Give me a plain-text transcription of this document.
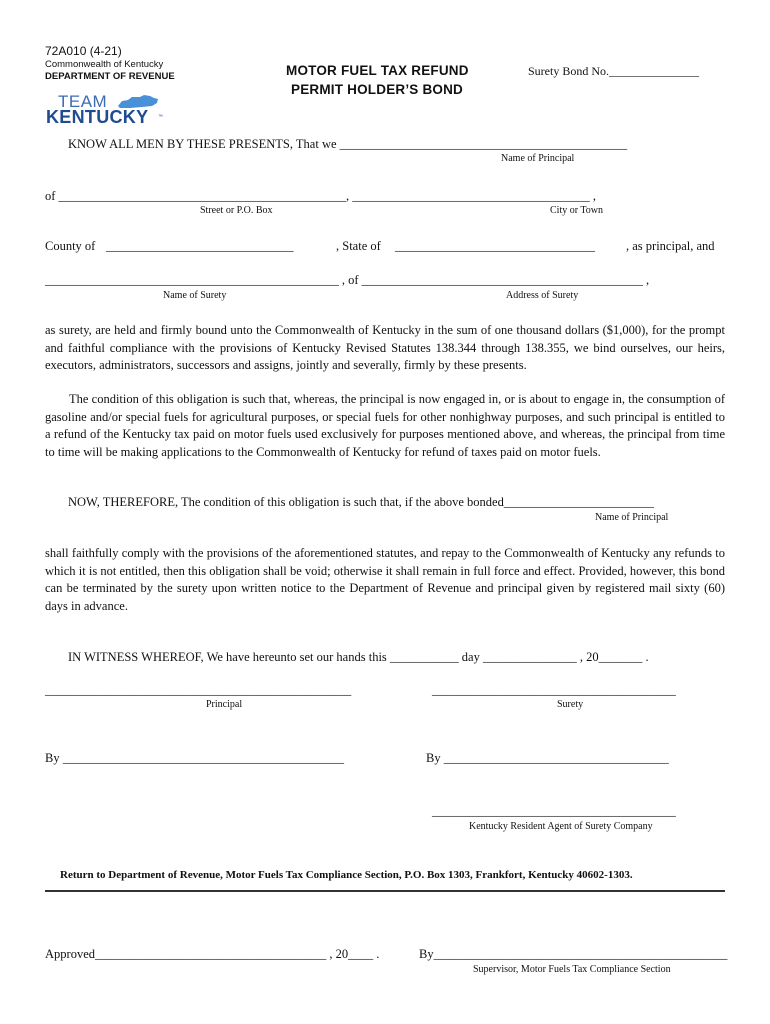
72A010 (4-21)
Commonwealth of Kentucky
DEPARTMENT OF REVENUE
TEAM
KENTUCKY ™
MOTOR FUEL TAX REFUND
PERMIT HOLDER’S BOND
Surety Bond No._______________
KNOW ALL MEN BY THESE PRESENTS, That we ______________________________________________
Name of Principal
of ______________________________________________, ______________________________________ ,
Street or P.O. Box	City or Town
County of ______________________________	, State of ________________________________ , as principal, and
_______________________________________________ , of _____________________________________________ ,
Name of Surety	Address of Surety

as surety, are held and firmly bound unto the Commonwealth of Kentucky in the sum of one thousand dollars ($1,000), for the prompt and faithful compliance with the provisions of Kentucky Revised Statutes 138.344 through 138.355, we bind ourselves, our heirs, executors, administrators, successors and assigns, jointly and severally, firmly by these presents.

The condition of this obligation is such that, whereas, the principal is now engaged in, or is about to engage in, the consumption of gasoline and/or special fuels for agricultural purposes, or special fuels for other nonhighway purposes, and such principal is entitled to a refund of the Kentucky tax paid on motor fuels used exclusively for purposes mentioned above, and whereas, the principal from time to time will be making applications to the Commonwealth of Kentucky for refund of taxes paid on motor fuels.

NOW, THEREFORE, The condition of this obligation is such that, if the above bonded________________________
Name of Principal

shall faithfully comply with the provisions of the aforementioned statutes, and repay to the Commonwealth of Kentucky any refunds to which it is not entitled, then this obligation shall be void; otherwise it shall remain in full force and effect. Provided, however, this bond can be terminated by the surety upon written notice to the Department of Revenue and principal given by registered mail sixty (60) days in advance.

IN WITNESS WHEREOF, We have hereunto set our hands this ___________ day _______________ , 20_______ .
_________________________________________________
Principal
_______________________________________
Surety
By _____________________________________________	By ____________________________________
_______________________________________
Kentucky Resident Agent of Surety Company
Return to Department of Revenue, Motor Fuels Tax Compliance Section, P.O. Box 1303, Frankfort, Kentucky 40602-1303.
Approved_____________________________________ , 20____ .	By_______________________________________________
Supervisor, Motor Fuels Tax Compliance Section
